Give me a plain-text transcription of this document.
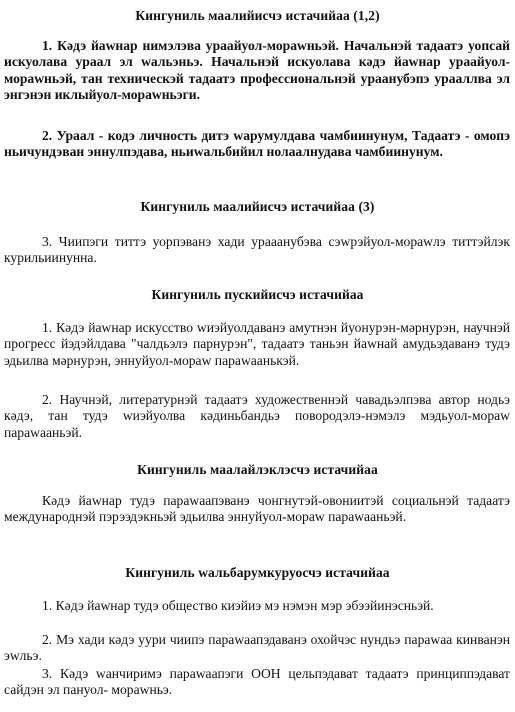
Кингуниль маалийисчэ истачийаа (1,2)

1. Кәдэ йаwнар нимэлэва ураайуол-мораwньэй. Начальнэй тадаатэ уопсай искуолава ураал эл wальэньэ. Начальнэй искуолава кәдэ йаwнар ураайуол-мораwньэй, тан техническэй тадаатэ профессиональнэй ураанубэпэ урааллва эл энгэнэн иклыйуол-мораwньэги.

2. Ураал - кодэ личность дитэ wарумулдава чамбиинунум, Тадаатэ - омопэ ньичундэван эннулпэдава, ньиwальбийил нолаалнудава чамбиинунум.

Кингуниль маалийисчэ истачийаа (3)

3. Чиипэги титтэ уорпэванэ хади урааанубэва сэwрэйуол-мораwлэ титтэйлэк курильиинунна.

Кингуниль пускийисчэ истачийаа

1. Кәдэ йаwнар искусство wиэйуолдаванэ амутнэн йуонурэн-мәрнурэн, научнэй прогресс йэдэйлдава "чалдьэлэ парнурэн", тадаатэ таньэн йаwнай амудьэдаванэ тудэ эдьилва мәрнурэн, эннуйуол-мораw параwаанькэй.

2. Научнэй, литературнэй тадаатэ художественнэй чавадьэлпэва автор нодьэ кәдэ, тан тудэ wиэйуолва кәдиньбандьэ повородэлэ-нэмэлэ мэдьуол-мораw параwааньэй.

Кингуниль маалайлэклэсчэ истачийаа

Кәдэ йаwнар тудэ параwаапэванэ чонгнутэй-овониитэй социальнэй тадаатэ международнэй пэрээдэкньэй эдьилва эннуйуол-мораw параwааньэй.

Кингуниль wальбарумкуруосчэ истачийаа

1. Кәдэ йаwнар тудэ общество киэйиэ мэ нэмэн мэр эбээйинэсньэй.

2. Мэ хади кәдэ уури чиипэ параwаапэдаванэ охойчэс нундьэ параwаа кинванэн эwльэ.

3. Кәдэ wанчиримэ параwаапэги ООН цельпэдават тадаатэ принциппэдават сайдэн эл пануол- мораwньэ.
